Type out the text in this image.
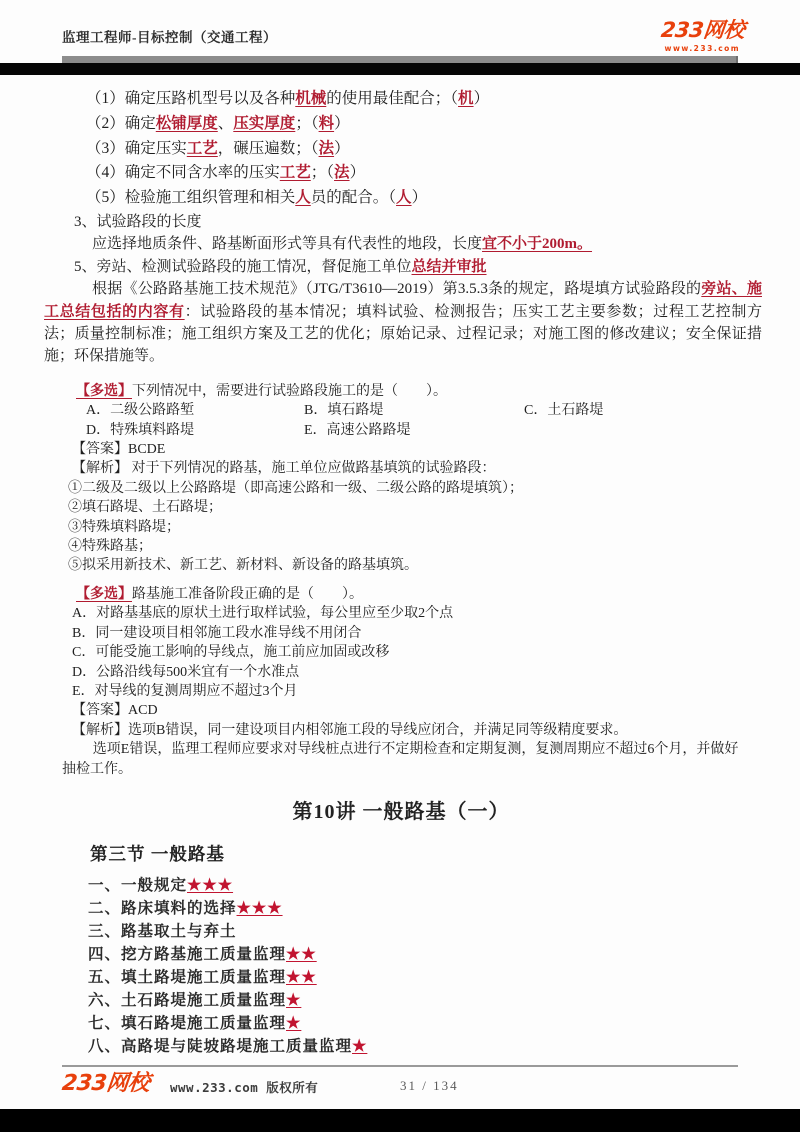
监理工程师-目标控制（交通工程）	233网校
www.233.com
（1）确定压路机型号以及各种机械的使用最佳配合；（机）
（2）确定松铺厚度、压实厚度；（料）
（3）确定压实工艺，碾压遍数；（法）
（4）确定不同含水率的压实工艺；（法）
（5）检验施工组织管理和相关人员的配合。（人）
3、试验路段的长度
应选择地质条件、路基断面形式等具有代表性的地段，长度宜不小于200m。
5、旁站、检测试验路段的施工情况，督促施工单位总结并审批
根据《公路路基施工技术规范》（JTG/T3610—2019）第3.5.3条的规定，路堤填方试验路段的旁站、施工总结包括的内容有：试验路段的基本情况；填料试验、检测报告；压实工艺主要参数；过程工艺控制方法；质量控制标准；施工组织方案及工艺的优化；原始记录、过程记录；对施工图的修改建议；安全保证措施；环保措施等。
【多选】下列情况中，需要进行试验路段施工的是（　　）。
A．二级公路路堑	B．填石路堤	C．土石路堤
D．特殊填料路堤	E．高速公路路堤
【答案】BCDE
【解析】 对于下列情况的路基，施工单位应做路基填筑的试验路段：
①二级及二级以上公路路堤（即高速公路和一级、二级公路的路堤填筑）；
②填石路堤、土石路堤；
③特殊填料路堤；
④特殊路基；
⑤拟采用新技术、新工艺、新材料、新设备的路基填筑。
【多选】路基施工准备阶段正确的是（　　）。
A．对路基基底的原状土进行取样试验，每公里应至少取2个点
B．同一建设项目相邻施工段水准导线不用闭合
C．可能受施工影响的导线点，施工前应加固或改移
D．公路沿线每500米宜有一个水准点
E．对导线的复测周期应不超过3个月
【答案】ACD
【解析】选项B错误，同一建设项目内相邻施工段的导线应闭合，并满足同等级精度要求。
选项E错误，监理工程师应要求对导线桩点进行不定期检查和定期复测，复测周期应不超过6个月，并做好抽检工作。
第10讲 一般路基（一）
第三节 一般路基
一、一般规定★★★
二、路床填料的选择★★★
三、路基取土与弃土
四、挖方路基施工质量监理★★
五、填土路堤施工质量监理★★
六、土石路堤施工质量监理★
七、填石路堤施工质量监理★
八、高路堤与陡坡路堤施工质量监理★
233网校 www.233.com 版权所有	31 / 134
